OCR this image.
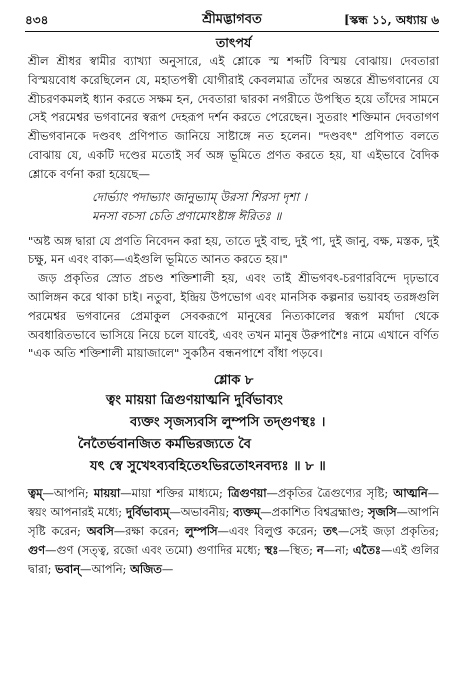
৪৩৪	শ্রীমদ্ভাগবত	[স্কন্ধ ১১, অধ্যায় ৬
তাৎপর্য
শ্রীল শ্রীধর স্বামীর ব্যাখ্যা অনুসারে, এই শ্লোকে স্ম শব্দটি বিস্ময় বোঝায়। দেবতারা বিস্ময়বোধ করেছিলেন যে, মহাতপস্বী যোগীরাই কেবলমাত্র তাঁদের অন্তরে শ্রীভগবানের যে শ্রীচরণকমলই ধ্যান করতে সক্ষম হন, দেবতারা দ্বারকা নগরীতে উপস্থিত হয়ে তাঁদের সামনে সেই পরমেশ্বর ভগবানের স্বরূপ দেহরূপ দর্শন করতে পেরেছেন। সুতরাং শক্তিমান দেবতাগণ শ্রীভগবানকে দণ্ডবৎ প্রণিপাত জানিয়ে সাষ্টাঙ্গে নত হলেন। "দণ্ডবৎ" প্রণিপাত বলতে বোঝায় যে, একটি দণ্ডের মতোই সর্ব অঙ্গ ভূমিতে প্রণত করতে হয়, যা এইভাবে বৈদিক শ্লোকে বর্ণনা করা হয়েছে—
দোর্ভ্যাং পদাভ্যাং জানুভ্যাম্ উরসা শিরসা দৃশা ।
মনসা বচসা চেতি প্রণামোঽষ্টাঙ্গ ঈরিতঃ ॥
"অষ্ট অঙ্গ দ্বারা যে প্রণতি নিবেদন করা হয়, তাতে দুই বাহু, দুই পা, দুই জানু, বক্ষ, মস্তক, দুই চক্ষু, মন এবং বাক্য—এইগুলি ভূমিতে আনত করতে হয়।"
জড় প্রকৃতির স্রোত প্রচণ্ড শক্তিশালী হয়, এবং তাই শ্রীভগবৎ-চরণারবিন্দে দৃঢ়ভাবে আলিঙ্গন করে থাকা চাই। নতুবা, ইন্দ্রিয় উপভোগ এবং মানসিক কল্পনার ভয়াবহ তরঙ্গগুলি পরমেশ্বর ভগবানের প্রেমাকুল সেবকরূপে মানুষের নিত্যকালের স্বরূপ মর্যাদা থেকে অবধারিতভাবে ভাসিয়ে নিয়ে চলে যাবেই, এবং তখন মানুষ উরুপাশৈঃ নামে এখানে বর্ণিত "এক অতি শক্তিশালী মায়াজালে" সুকঠিন বন্ধনপাশে বাঁধা পড়বে।
শ্লোক ৮
ত্বং মায়য়া ত্রিগুণয়াত্মনি দুর্বিভাব্যং
ব্যক্তং সৃজস্যবসি লুম্পসি তদ্গুণস্থঃ ।
নৈতৈর্ভবানজিত কর্মভিরজ্যতে বৈ
যৎ স্বে সুখেঽব্যবহিতেঽভিরতোঽনবদ্যঃ ॥ ৮ ॥
ত্বম্—আপনি; মায়য়া—মায়া শক্তির মাধ্যমে; ত্রিগুণয়া—প্রকৃতির ত্রৈগুণ্যের সৃষ্টি; আত্মনি—স্বয়ং আপনারই মধ্যে; দুর্বিভাব্যম্—অভাবনীয়; ব্যক্তম্—প্রকাশিত বিশ্বব্রহ্মাণ্ড; সৃজসি—আপনি সৃষ্টি করেন; অবসি—রক্ষা করেন; লুম্পসি—এবং বিলুপ্ত করেন; তৎ—সেই জড়া প্রকৃতির; গুণ—গুণ (সত্ত্ব, রজো এবং তমো) গুণাদির মধ্যে; স্থঃ—স্থিত; ন—না; এতৈঃ—এই গুলির দ্বারা; ভবান্—আপনি; অজিত—
